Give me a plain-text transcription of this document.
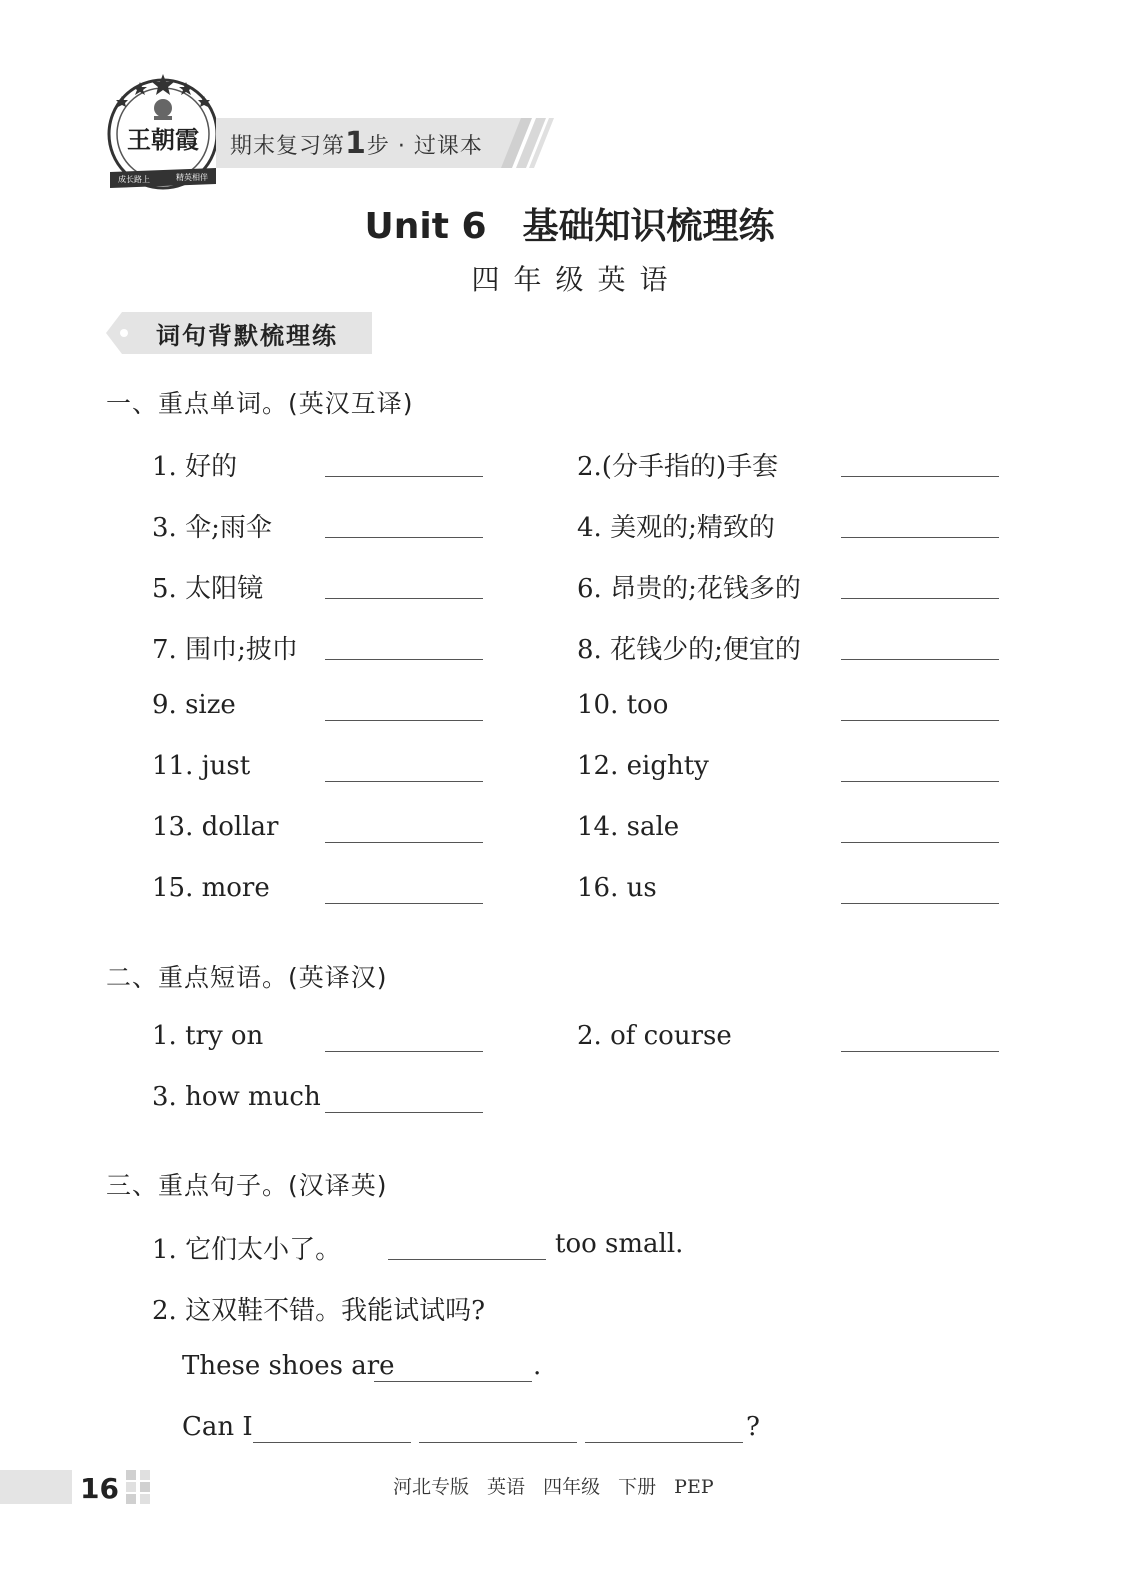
王朝霞
成长路上	精英相伴
期末复习第1步 · 过课本
Unit 6　基础知识梳理练
四年级英语
词句背默梳理练
一、重点单词。(英汉互译)
1. 好的	2.(分手指的)手套
3. 伞;雨伞	4. 美观的;精致的
5. 太阳镜	6. 昂贵的;花钱多的
7. 围巾;披巾	8. 花钱少的;便宜的
9. size	10. too
11. just	12. eighty
13. dollar	14. sale
15. more	16. us
二、重点短语。(英译汉)
1. try on	2. of course
3. how much
三、重点句子。(汉译英)
1. 它们太小了。	too small.
2. 这双鞋不错。我能试试吗?
These shoes are	.
Can I	?
16	河北专版 英语 四年级 下册 PEP
